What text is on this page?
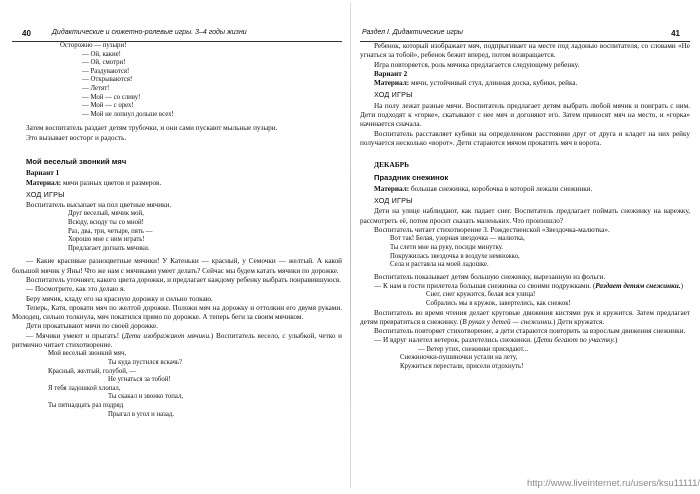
40	Дидактические и сюжетно-ролевые игры. 3–4 годы жизни
Осторожно — пузыри!
— Ой, какие!
— Ой, смотри!
— Раздуваются!
— Открываются!
— Летят!
— Мой — со сливу!
— Мой — с орех!
— Мой не лопнул дольше всех!

Затем воспитатель раздает детям трубочки, и они сами пускают мыльные пузыри.

Это вызывает восторг и радость.

Мой веселый звонкий мяч

Вариант 1

Материал: мячи разных цветов и размеров.

ХОД ИГРЫ

Воспитатель высыпает на пол цветные мячики.

Друг веселый, мячик мой,
Всюду, всюду ты со мной!
Раз, два, три, четыре, пять —
Хорошо мне с ним играть!
Предлагает догнать мячики.

— Какие красивые разноцветные мячики! У Катеньки — красный, у Семочки — желтый. А какой большой мячик у Яны! Что же нам с мячиками умеет делать? Сейчас мы будем катать мячики по дорожке.

Воспитатель уточняет, какого цвета дорожки, и предлагает каждому ребенку выбрать понравившуюся.

— Посмотрите, как это делаю я.

Беру мячик, кладу его на красную дорожку и сильно толкаю.

Теперь, Катя, прокати мяч по желтой дорожке. Положи мяч на дорожку и оттолкни его двумя руками. Молодец, сильно толкнула, мяч покатился прямо по дорожке. А теперь беги за своим мячиком.

Дети прокатывают мячи по своей дорожке.

— Мячики умеют и прыгать! (Дети изображают мячики.) Воспитатель весело, с улыбкой, четко и ритмично читает стихотворение.

Мой веселый звонкий мяч,
Ты куда пустился вскачь?
Красный, желтый, голубой, —
Не угнаться за тобой!
Я тебя ладошкой хлопал,
Ты скакал и звонко топал,
Ты пятнадцать раз подряд
Прыгал в угол и назад.
Раздел I. Дидактические игры	41

Ребенок, который изображает мяч, подпрыгивает на месте под ладонью воспитателя, со словами «Не угнаться за тобой», ребенок бежит вперед, потом возвращается.

Игра повторяется, роль мячика предлагается следующему ребенку.

Вариант 2

Материал: мячи, устойчивый стул, длинная доска, кубики, рейка.

ХОД ИГРЫ

На полу лежат разные мячи. Воспитатель предлагает детям выбрать любой мячик и поиграть с ним. Дети подходят к «горке», скатывают с нее мяч и догоняют его. Затем приносят мяч на место, и «горка» начинается сначала.

Воспитатель расставляет кубики на определенном расстоянии друг от друга и кладет на них рейку получается несколько «ворот». Дети стараются мячом прокатить мяч в ворота.

ДЕКАБРЬ
Праздник снежинок

Материал: большая снежинка, коробочка в которой лежали снежинки.

ХОД ИГРЫ

Дети на улице наблюдают, как падает снег. Воспитатель предлагает поймать снежинку на варежку, рассмотреть её, потом просит сказать маленьких. Что произошло?

Воспитатель читает стихотворение З. Рождественской «Звездочка-малютка».

Вот так! Белая, узорная звездочка — малютка,
Ты слети мне на руку, посиди минутку.
Покружилась звездочка в воздухе немножко,
Села и растаяла на моей ладошке.

Воспитатель показывает детям большую снежинку, вырезанную из фольги.

— К нам в гости прилетела большая снежинка со своими подружками. (Раздает детям снежинки.)

Снег, снег кружится, белая вся улица!
Собрались мы в кружок, завертелись, как снежок!

Воспитатель во время чтения делает круговые движения кистями рук и кружится. Затем предлагает детям превратиться в снежинку. (В руках у детей — снежинки.) Дети кружатся.

Воспитатель повторяет стихотворение, а дети стараются повторить за взрослым движения снежинки.

— И вдруг налетел ветерок, разлетелись снежинки. (Дети бегают по участку.)

— Ветер утих, снежинки присядают...
Снежиночки-пушиночки устали на лету,
Кружиться перестали, присели отдохнуть!
http://www.liveinternet.ru/users/ksu11111/
